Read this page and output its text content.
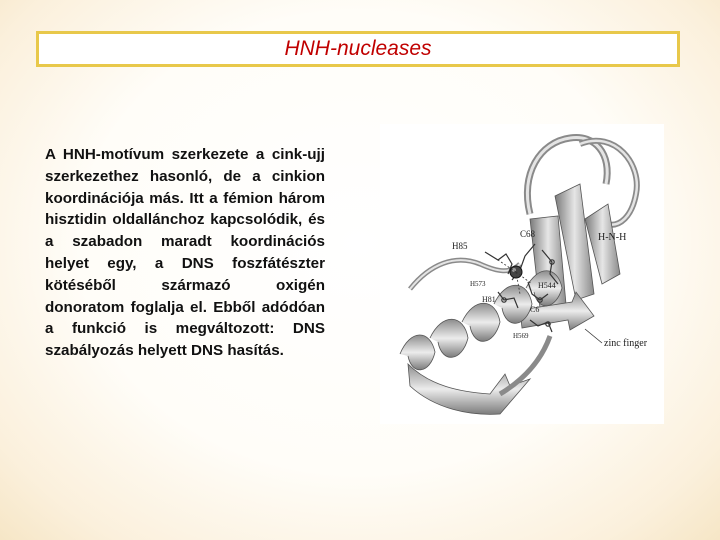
HNH-nucleases
A HNH-motívum szerkezete a cink-ujj szerkezethez hasonló, de a cinkion koordinációja más. Itt a fémion három hisztidin oldallánchoz kapcsolódik, és a szabadon maradt koordinációs helyet egy, a DNS foszfátészter kötéséből származó oxigén donoratom foglalja el. Ebből adódóan a funkció is megváltozott: DNS szabályozás helyett DNS hasítás.
H85
C68	H-N-H
H573	H544
H81
C6
H569
zinc finger
